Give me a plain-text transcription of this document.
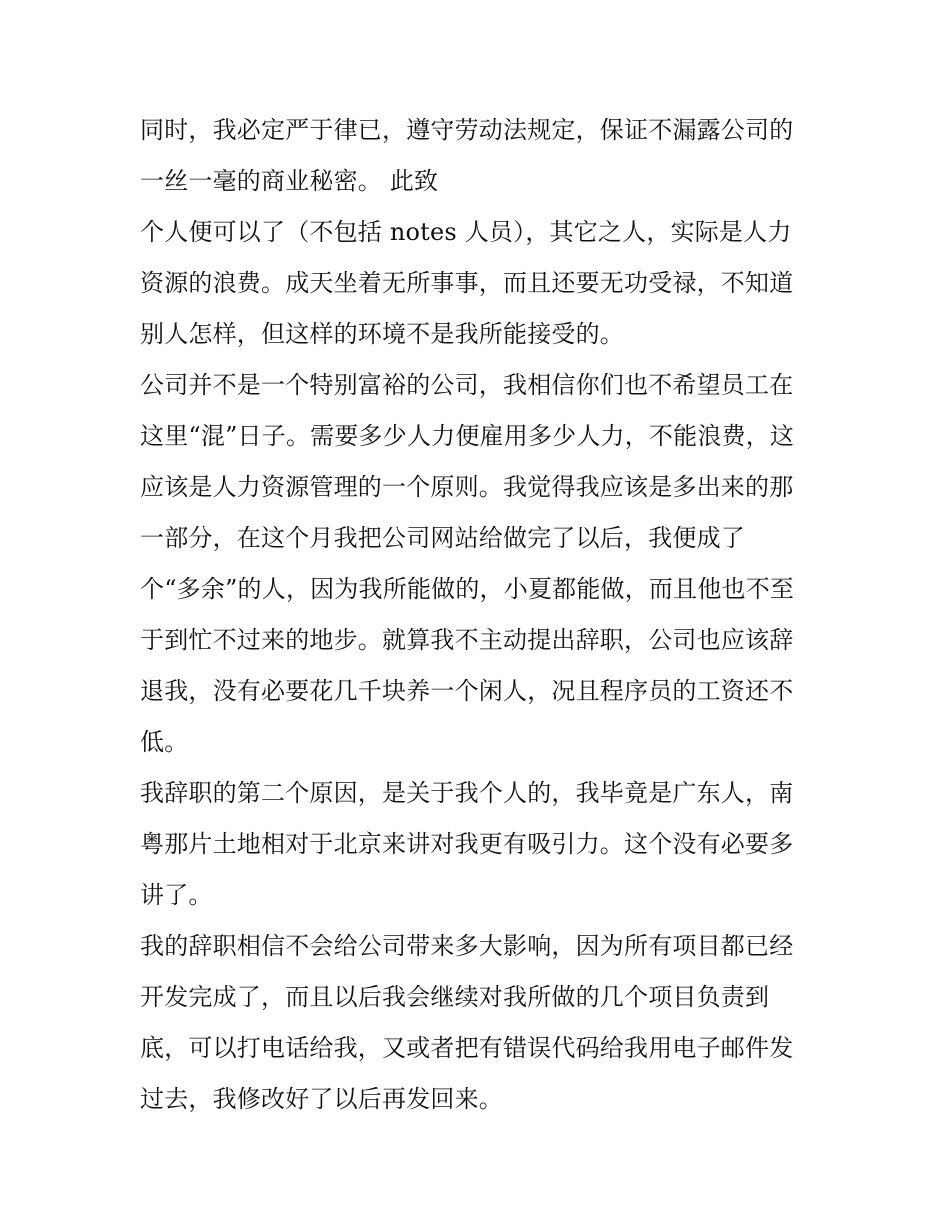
同时，我必定严于律已，遵守劳动法规定，保证不漏露公司的
一丝一毫的商业秘密。 此致
个人便可以了（不包括 notes 人员），其它之人，实际是人力
资源的浪费。成天坐着无所事事，而且还要无功受禄，不知道
别人怎样，但这样的环境不是我所能接受的。
公司并不是一个特别富裕的公司，我相信你们也不希望员工在
这里“混”日子。需要多少人力便雇用多少人力，不能浪费，这
应该是人力资源管理的一个原则。我觉得我应该是多出来的那
一部分，在这个月我把公司网站给做完了以后，我便成了
个“多余”的人，因为我所能做的，小夏都能做，而且他也不至
于到忙不过来的地步。就算我不主动提出辞职，公司也应该辞
退我，没有必要花几千块养一个闲人，况且程序员的工资还不
低。
我辞职的第二个原因，是关于我个人的，我毕竟是广东人，南
粤那片土地相对于北京来讲对我更有吸引力。这个没有必要多
讲了。
我的辞职相信不会给公司带来多大影响，因为所有项目都已经
开发完成了，而且以后我会继续对我所做的几个项目负责到
底，可以打电话给我，又或者把有错误代码给我用电子邮件发
过去，我修改好了以后再发回来。
